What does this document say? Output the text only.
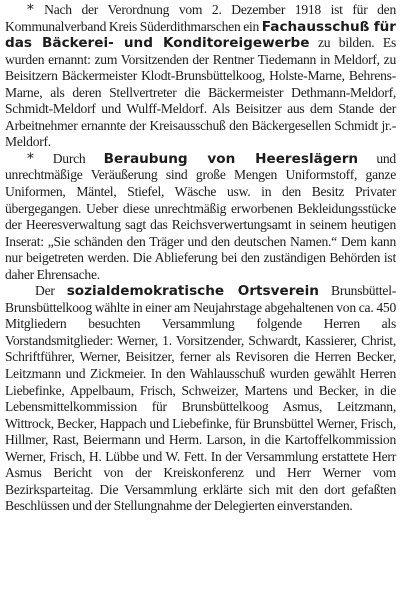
* Nach der Verordnung vom 2. Dezember 1918 ist für den Kommunalverband Kreis Süderdithmarschen ein Fachausschuß für das Bäckerei- und Konditoreigewerbe zu bilden. Es wurden ernannt: zum Vorsitzenden der Rentner Tiedemann in Meldorf, zu Beisitzern Bäckermeister Klodt-Brunsbüttelkoog, Holste-Marne, Behrens-Marne, als deren Stellvertreter die Bäckermeister Dethmann-Meldorf, Schmidt-Meldorf und Wulff-Meldorf. Als Beisitzer aus dem Stande der Arbeitnehmer ernannte der Kreisausschuß den Bäckergesellen Schmidt jr.-Meldorf.

* Durch Beraubung von Heereslägern und unrechtmäßige Veräußerung sind große Mengen Uniformstoff, ganze Uniformen, Mäntel, Stiefel, Wäsche usw. in den Besitz Privater übergegangen. Ueber diese unrechtmäßig erworbenen Bekleidungsstücke der Heeresverwaltung sagt das Reichsverwertungsamt in seinem heutigen Inserat: „Sie schänden den Träger und den deutschen Namen.“ Dem kann nur beigetreten werden. Die Ablieferung bei den zuständigen Behörden ist daher Ehrensache.

Der sozialdemokratische Ortsverein Brunsbüttel-Brunsbüttelkoog wählte in einer am Neujahrstage abgehaltenen von ca. 450 Mitgliedern besuchten Versammlung folgende Herren als Vorstandsmitglieder: Werner, 1. Vorsitzender, Schwardt, Kassierer, Christ, Schriftführer, Werner, Beisitzer, ferner als Revisoren die Herren Becker, Leitzmann und Zickmeier. In den Wahlausschuß wurden gewählt Herren Liebefinke, Appelbaum, Frisch, Schweizer, Martens und Becker, in die Lebensmittelkommission für Brunsbüttelkoog Asmus, Leitzmann, Wittrock, Becker, Happach und Liebefinke, für Brunsbüttel Werner, Frisch, Hillmer, Rast, Beiermann und Herm. Larson, in die Kartoffelkommission Werner, Frisch, H. Lübbe und W. Fett. In der Versammlung erstattete Herr Asmus Bericht von der Kreiskonferenz und Herr Werner vom Bezirksparteitag. Die Versammlung erklärte sich mit den dort gefaßten Beschlüssen und der Stellungnahme der Delegierten einverstanden.
